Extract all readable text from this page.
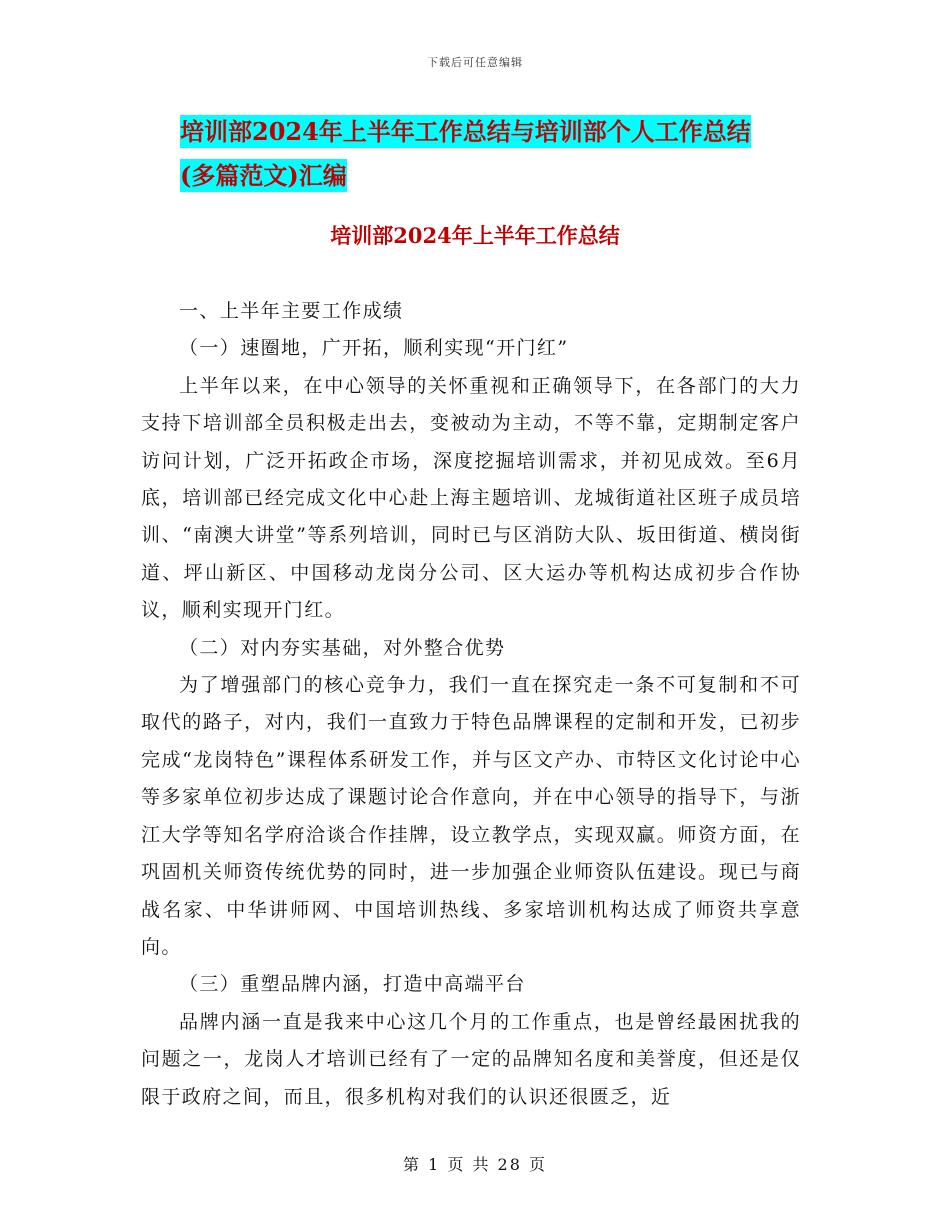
下载后可任意编辑
培训部2024年上半年工作总结与培训部个人工作总结
(多篇范文)汇编
培训部2024年上半年工作总结

一、上半年主要工作成绩

（一）速圈地，广开拓，顺利实现“开门红”

上半年以来，在中心领导的关怀重视和正确领导下，在各部门的大力支持下培训部全员积极走出去，变被动为主动，不等不靠，定期制定客户访问计划，广泛开拓政企市场，深度挖掘培训需求，并初见成效。至6月底，培训部已经完成文化中心赴上海主题培训、龙城街道社区班子成员培训、“南澳大讲堂”等系列培训，同时已与区消防大队、坂田街道、横岗街道、坪山新区、中国移动龙岗分公司、区大运办等机构达成初步合作协议，顺利实现开门红。

（二）对内夯实基础，对外整合优势

为了增强部门的核心竞争力，我们一直在探究走一条不可复制和不可取代的路子，对内，我们一直致力于特色品牌课程的定制和开发，已初步完成“龙岗特色”课程体系研发工作，并与区文产办、市特区文化讨论中心等多家单位初步达成了课题讨论合作意向，并在中心领导的指导下，与浙江大学等知名学府洽谈合作挂牌，设立教学点，实现双赢。师资方面，在巩固机关师资传统优势的同时，进一步加强企业师资队伍建设。现已与商战名家、中华讲师网、中国培训热线、多家培训机构达成了师资共享意向。

（三）重塑品牌内涵，打造中高端平台

品牌内涵一直是我来中心这几个月的工作重点，也是曾经最困扰我的问题之一，龙岗人才培训已经有了一定的品牌知名度和美誉度，但还是仅限于政府之间，而且，很多机构对我们的认识还很匮乏，近

第 1 页 共 28 页
